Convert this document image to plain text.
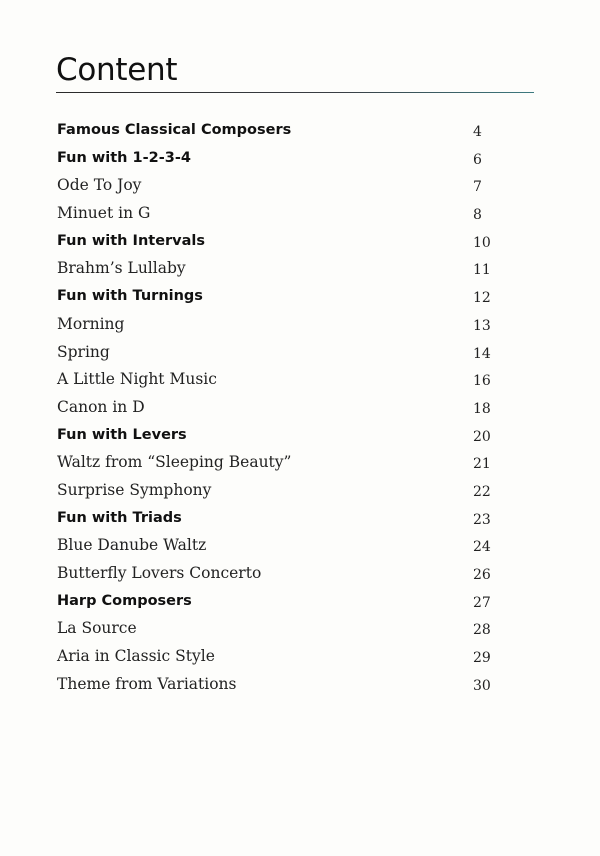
Content
Famous Classical Composers	4
Fun with 1-2-3-4	6
Ode To Joy	7
Minuet in G	8
Fun with Intervals	10
Brahm’s Lullaby	11
Fun with Turnings	12
Morning	13
Spring	14
A Little Night Music	16
Canon in D	18
Fun with Levers	20
Waltz from “Sleeping Beauty”	21
Surprise Symphony	22
Fun with Triads	23
Blue Danube Waltz	24
Butterfly Lovers Concerto	26
Harp Composers	27
La Source	28
Aria in Classic Style	29
Theme from Variations	30
